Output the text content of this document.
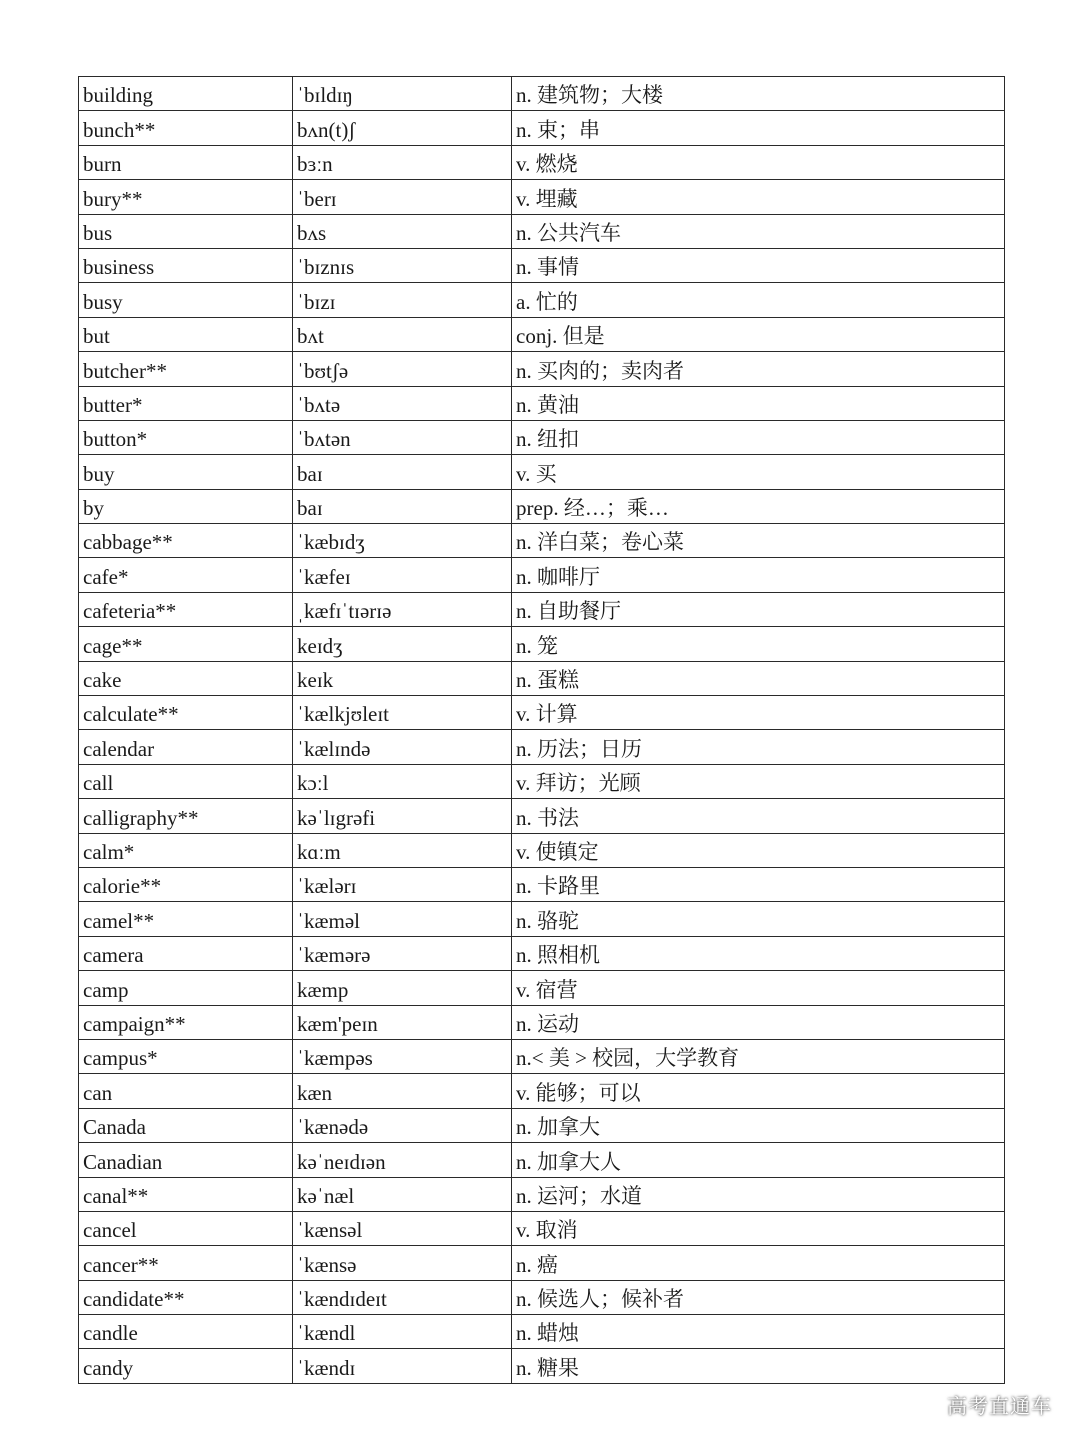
building	ˈbɪldɪŋ	n. 建筑物；大楼
bunch**	bʌn(t)ʃ	n. 束；串
burn	bɜːn	v. 燃烧
bury**	ˈberɪ	v. 埋藏
bus	bʌs	n. 公共汽车
business	ˈbɪznɪs	n. 事情
busy	ˈbɪzɪ	a. 忙的
but	bʌt	conj. 但是
butcher**	ˈbʊtʃə	n. 买肉的；卖肉者
butter*	ˈbʌtə	n. 黄油
button*	ˈbʌtən	n. 纽扣
buy	baɪ	v. 买
by	baɪ	prep. 经…；乘…
cabbage**	ˈkæbɪdʒ	n. 洋白菜；卷心菜
cafe*	ˈkæfeɪ	n. 咖啡厅
cafeteria**	ˌkæfɪˈtɪərɪə	n. 自助餐厅
cage**	keɪdʒ	n. 笼
cake	keɪk	n. 蛋糕
calculate**	ˈkælkjʊleɪt	v. 计算
calendar	ˈkælɪndə	n. 历法；日历
call	kɔːl	v. 拜访；光顾
calligraphy**	kəˈlɪgrəfi	n. 书法
calm*	kɑːm	v. 使镇定
calorie**	ˈkælərɪ	n. 卡路里
camel**	ˈkæməl	n. 骆驼
camera	ˈkæmərə	n. 照相机
camp	kæmp	v. 宿营
campaign**	kæm'peɪn	n. 运动
campus*	ˈkæmpəs	n.< 美 > 校园，大学教育
can	kæn	v. 能够；可以
Canada	ˈkænədə	n. 加拿大
Canadian	kəˈneɪdɪən	n. 加拿大人
canal**	kəˈnæl	n. 运河；水道
cancel	ˈkænsəl	v. 取消
cancer**	ˈkænsə	n. 癌
candidate**	ˈkændɪdeɪt	n. 候选人；候补者
candle	ˈkændl	n. 蜡烛
candy	ˈkændɪ	n. 糖果
高考直通车
